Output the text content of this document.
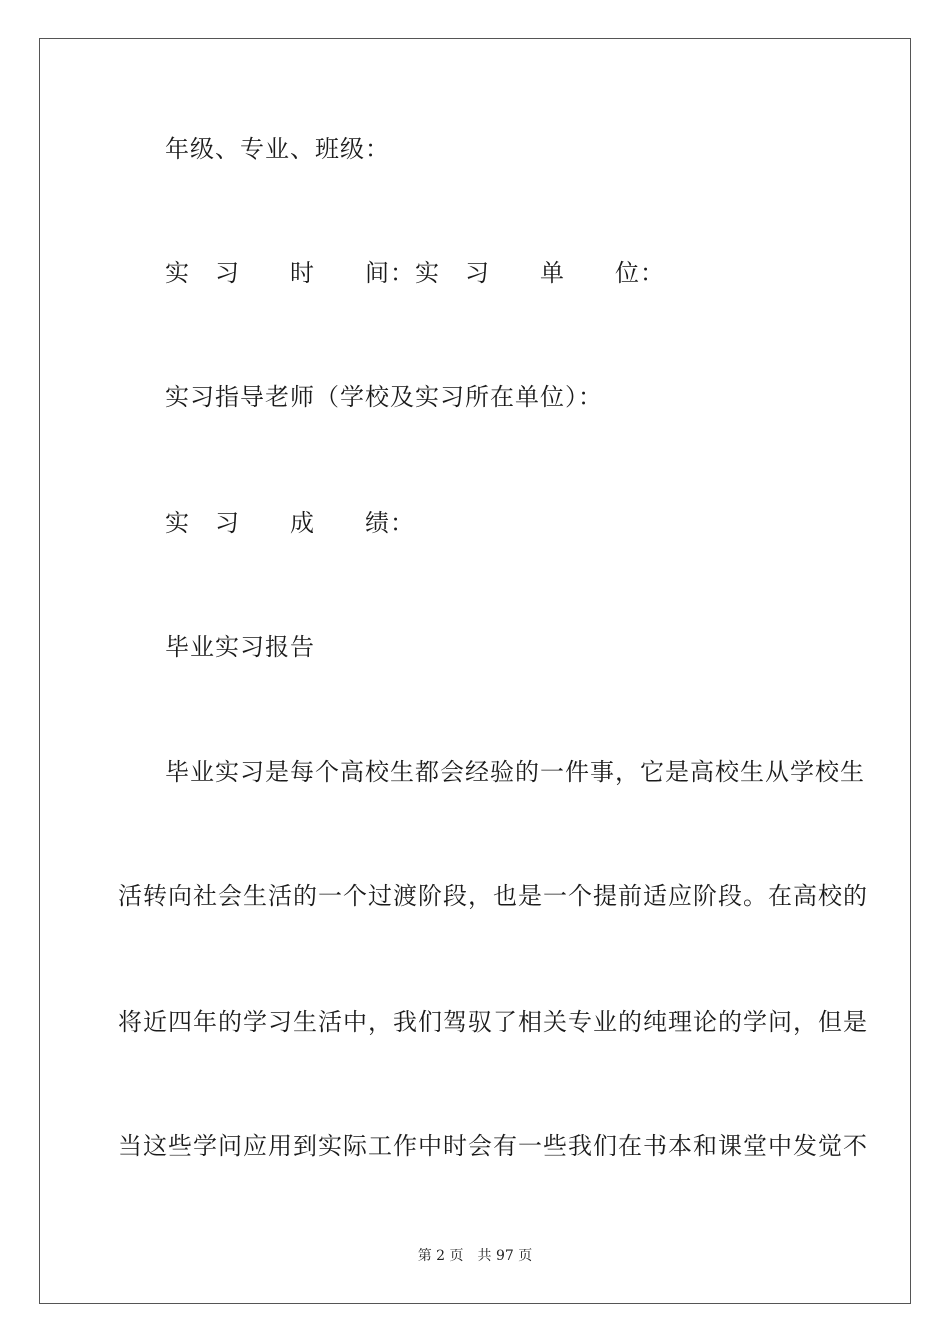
年级、专业、班级：
实　习　　时　　间：实　习　　单　　位：
实习指导老师（学校及实习所在单位）：
实　习　　成　　绩：
毕业实习报告
毕业实习是每个高校生都会经验的一件事，它是高校生从学校生
活转向社会生活的一个过渡阶段，也是一个提前适应阶段。在高校的
将近四年的学习生活中，我们驾驭了相关专业的纯理论的学问，但是
当这些学问应用到实际工作中时会有一些我们在书本和课堂中发觉不
第 2 页 共 97 页
